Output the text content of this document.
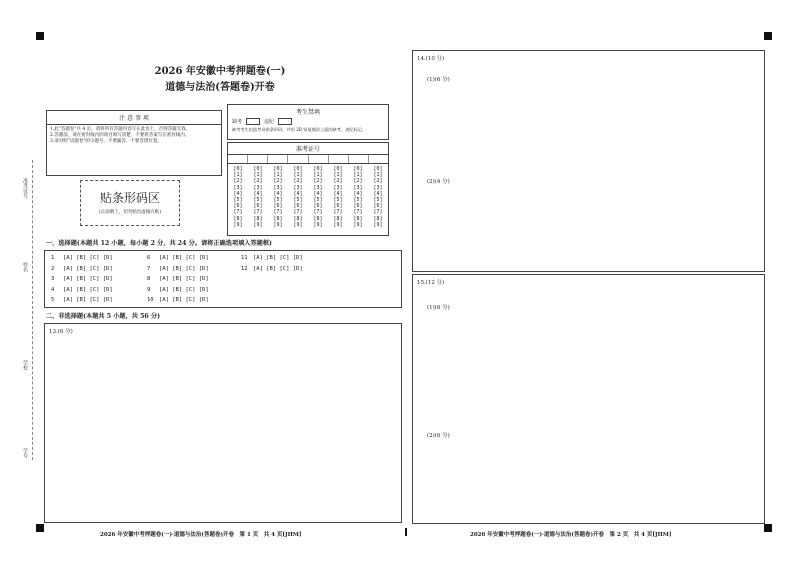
准考证号
姓名
学校
学号
2026 年安徽中考押题卷(一)
道德与法治(答题卷)开卷
注 意 事 项
1.此"答题卷"共 4 页。请将所有答题内容写在此卷上，否则答题无效。
2.答题前，请在密封线内的项目填写清楚，不要将答案写在密封线内。
3.请对照"试题卷"的小题号，不要漏答，不要答错位置。
贴条形码区
(正面朝上，切勿贴出虚线方框)
考生禁填
缺考	违纪
缺考考生由监考员贴条形码，并用 2B 铅笔填涂上面的缺考、违纪标记。
准考证号
[0]
[1]
[2]
[3]
[4]
[5]
[6]
[7]
[8]
[9]
[0]
[1]
[2]
[3]
[4]
[5]
[6]
[7]
[8]
[9]
[0]
[1]
[2]
[3]
[4]
[5]
[6]
[7]
[8]
[9]
[0]
[1]
[2]
[3]
[4]
[5]
[6]
[7]
[8]
[9]
[0]
[1]
[2]
[3]
[4]
[5]
[6]
[7]
[8]
[9]
[0]
[1]
[2]
[3]
[4]
[5]
[6]
[7]
[8]
[9]
[0]
[1]
[2]
[3]
[4]
[5]
[6]
[7]
[8]
[9]
[0]
[1]
[2]
[3]
[4]
[5]
[6]
[7]
[8]
[9]
一、选择题(本题共 12 小题，每小题 2 分，共 24 分。请将正确选项填入答题框)
1 [A] [B] [C] [D]
2 [A] [B] [C] [D]
3 [A] [B] [C] [D]
4 [A] [B] [C] [D]
5 [A] [B] [C] [D]
6 [A] [B] [C] [D]
7 [A] [B] [C] [D]
8 [A] [B] [C] [D]
9 [A] [B] [C] [D]
10 [A] [B] [C] [D]
11 [A] [B] [C] [D]
12 [A] [B] [C] [D]
二、非选择题(本题共 5 小题，共 56 分)
13.(6 分)
2026 年安徽中考押题卷(一)·道德与法治(答题卷)开卷　第 1 页　共 4 页[JHM]
14.(10 分)
(1)(6 分)
(2)(4 分)
15.(12 分)
(1)(6 分)
(2)(6 分)
2026 年安徽中考押题卷(一)·道德与法治(答题卷)开卷　第 2 页　共 4 页[JHM]
